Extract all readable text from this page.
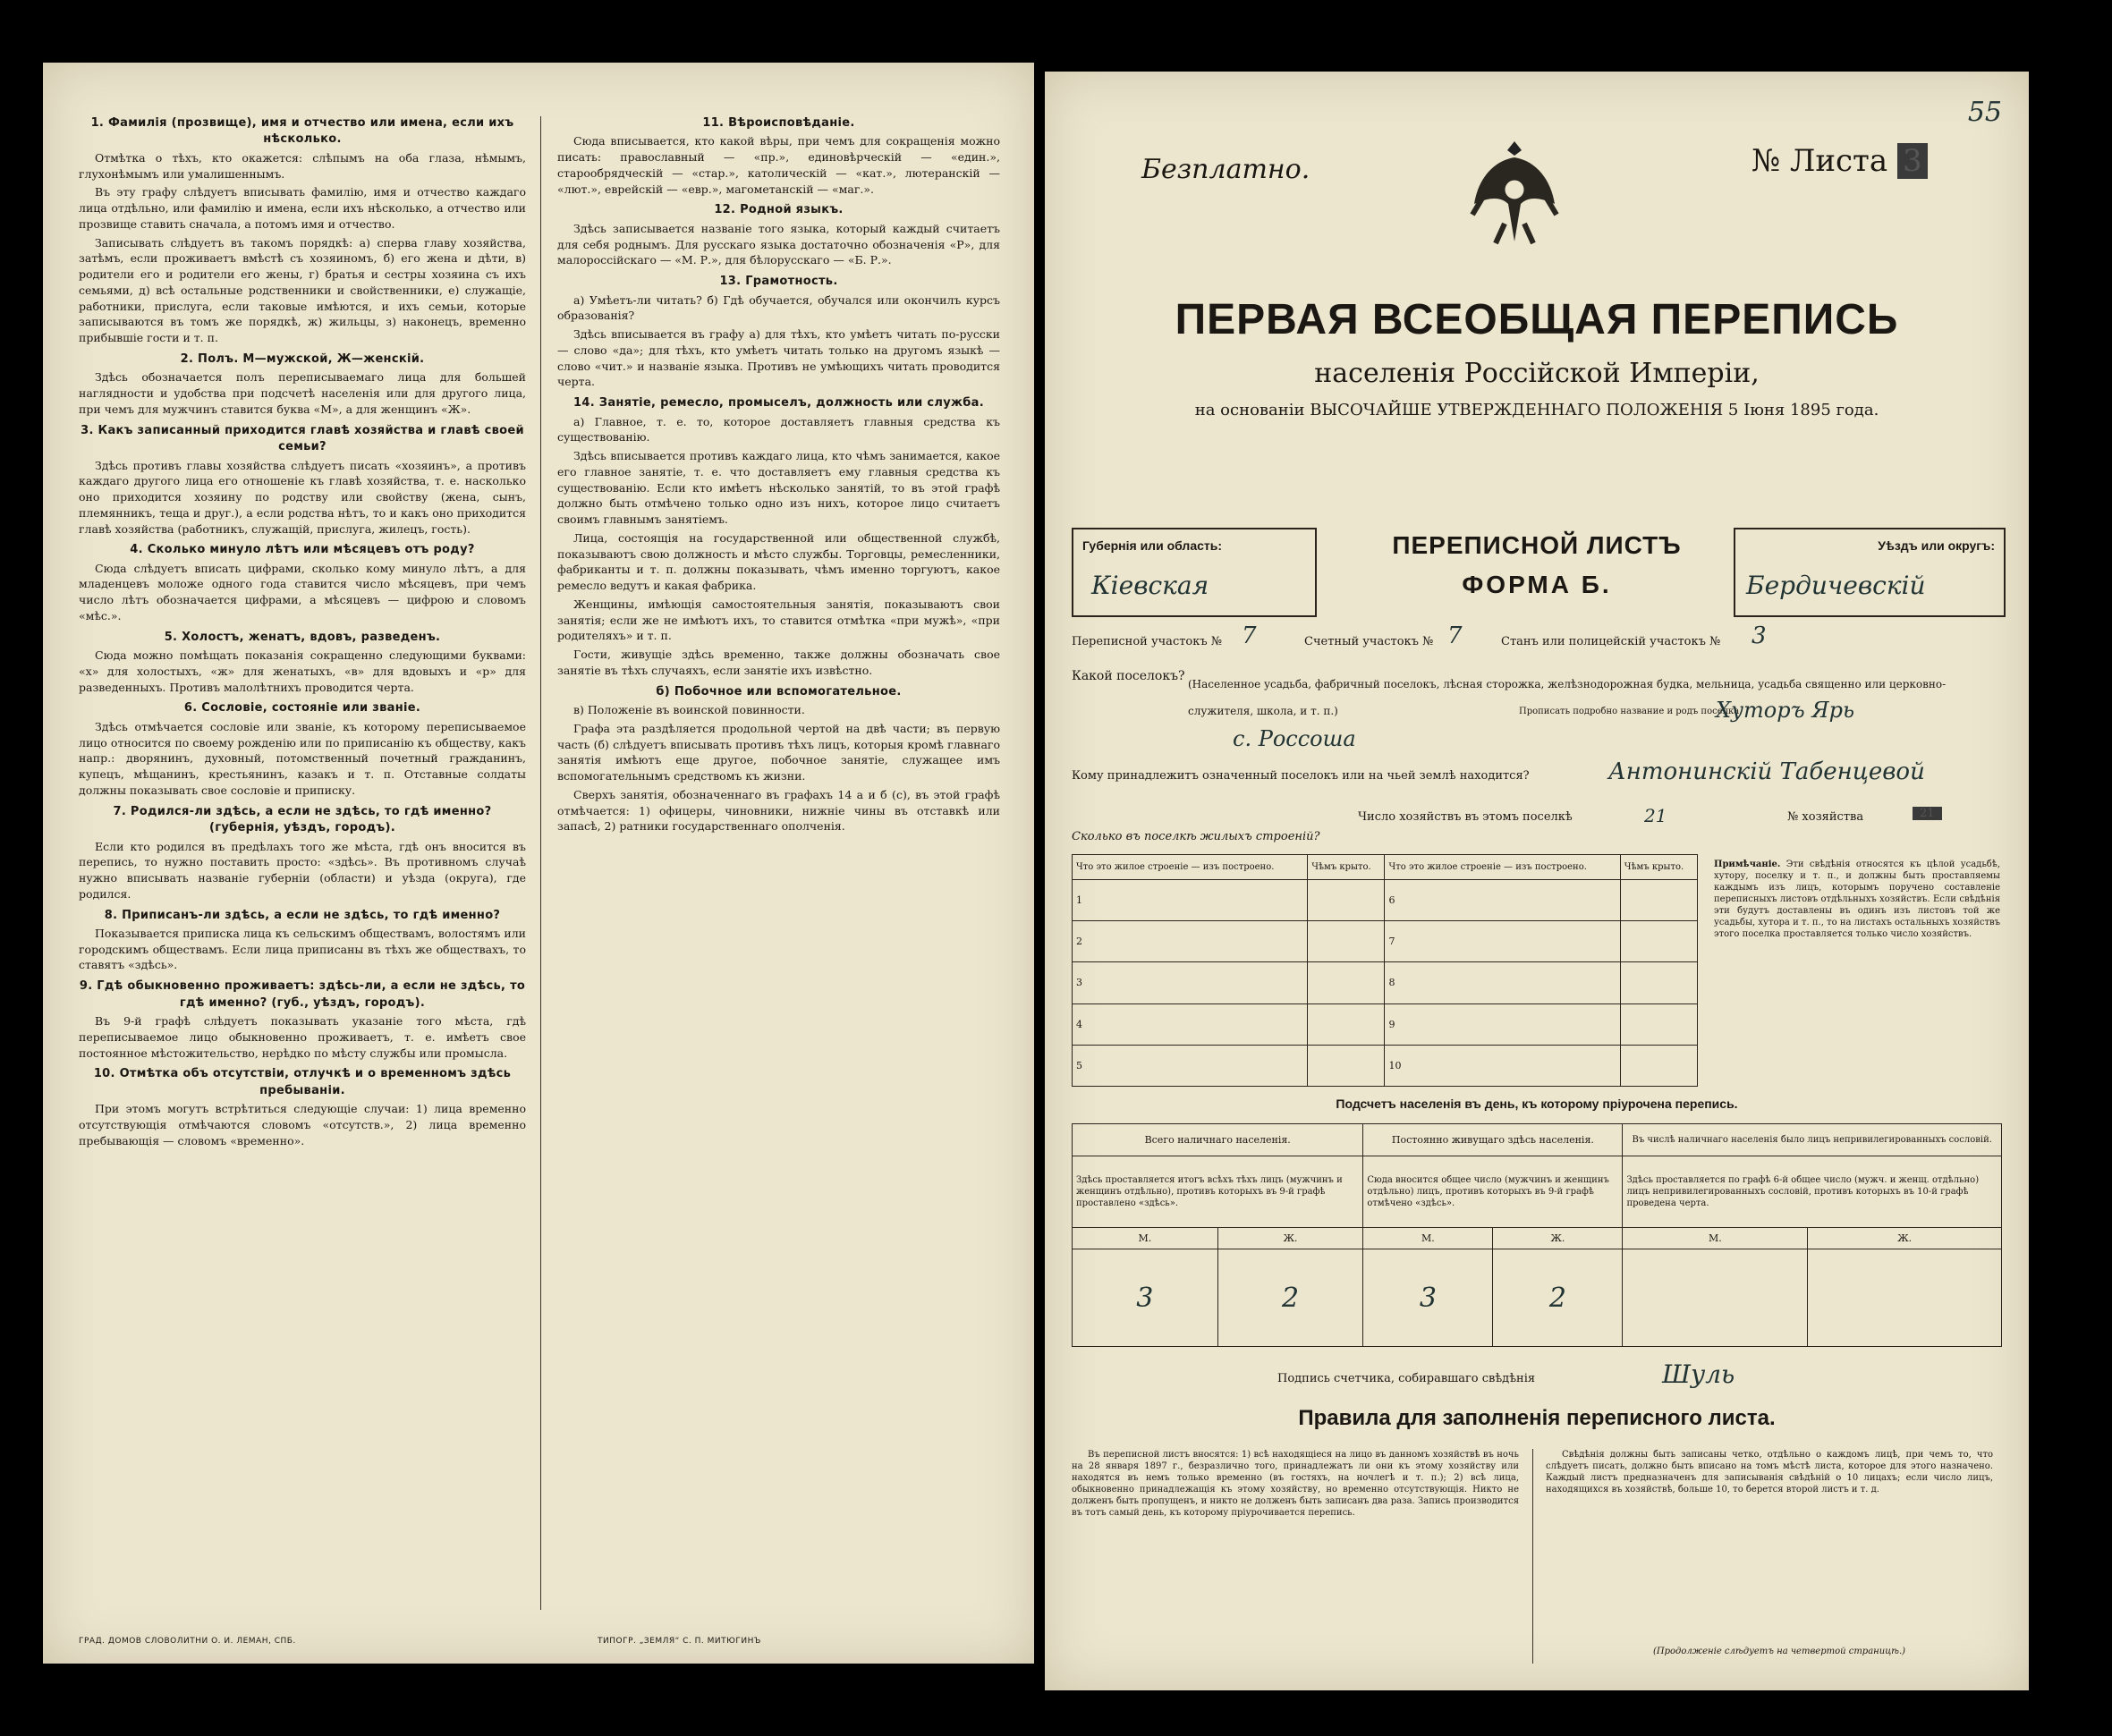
1. Фамилія (прозвище), имя и отчество или имена, если ихъ нѣсколько.

Отмѣтка о тѣхъ, кто окажется: слѣпымъ на оба глаза, нѣмымъ, глухонѣмымъ или умалишеннымъ.

Въ эту графу слѣдуетъ вписывать фамилію, имя и отчество каждаго лица отдѣльно, или фамилію и имена, если ихъ нѣсколько, а отчество или прозвище ставить сначала, а потомъ имя и отчество.

Записывать слѣдуетъ въ такомъ порядкѣ: а) сперва главу хозяйства, затѣмъ, если проживаетъ вмѣстѣ съ хозяиномъ, б) его жена и дѣти, в) родители его и родители его жены, г) братья и сестры хозяина съ ихъ семьями, д) всѣ остальные родственники и свойственники, е) служащіе, работники, прислуга, если таковые имѣются, и ихъ семьи, которые записываются въ томъ же порядкѣ, ж) жильцы, з) наконецъ, временно прибывшіе гости и т. п.

2. Полъ. М—мужской, Ж—женскій.

Здѣсь обозначается полъ переписываемаго лица для большей наглядности и удобства при подсчетѣ населенія или для другого лица, при чемъ для мужчинъ ставится буква «М», а для женщинъ «Ж».

3. Какъ записанный приходится главѣ хозяйства и главѣ своей семьи?

Здѣсь противъ главы хозяйства слѣдуетъ писать «хозяинъ», а противъ каждаго другого лица его отношеніе къ главѣ хозяйства, т. е. насколько оно приходится хозяину по родству или свойству (жена, сынъ, племянникъ, теща и друг.), а если родства нѣтъ, то и какъ оно приходится главѣ хозяйства (работникъ, служащій, прислуга, жилецъ, гость).

4. Сколько минуло лѣтъ или мѣсяцевъ отъ роду?

Сюда слѣдуетъ вписать цифрами, сколько кому минуло лѣтъ, а для младенцевъ моложе одного года ставится число мѣсяцевъ, при чемъ число лѣтъ обозначается цифрами, а мѣсяцевъ — цифрою и словомъ «мѣс.».

5. Холостъ, женатъ, вдовъ, разведенъ.

Сюда можно помѣщать показанія сокращенно следующими буквами: «х» для холостыхъ, «ж» для женатыхъ, «в» для вдовыхъ и «р» для разведенныхъ. Противъ малолѣтнихъ проводится черта.

6. Сословіе, состояніе или званіе.

Здѣсь отмѣчается сословіе или званіе, къ которому переписываемое лицо относится по своему рожденію или по приписанію къ обществу, какъ напр.: дворянинъ, духовный, потомственный почетный гражданинъ, купецъ, мѣщанинъ, крестьянинъ, казакъ и т. п. Отставные солдаты должны показывать свое сословіе и приписку.

7. Родился-ли здѣсь, а если не здѣсь, то гдѣ именно? (губернія, уѣздъ, городъ).

Если кто родился въ предѣлахъ того же мѣста, гдѣ онъ вносится въ перепись, то нужно поставить просто: «здѣсь». Въ противномъ случаѣ нужно вписывать названіе губерніи (области) и уѣзда (округа), где родился.

8. Приписанъ-ли здѣсь, а если не здѣсь, то гдѣ именно?

Показывается приписка лица къ сельскимъ обществамъ, волостямъ или городскимъ обществамъ. Если лица приписаны въ тѣхъ же обществахъ, то ставятъ «здѣсь».

9. Гдѣ обыкновенно проживаетъ: здѣсь-ли, а если не здѣсь, то гдѣ именно? (губ., уѣздъ, городъ).

Въ 9-й графѣ слѣдуетъ показывать указаніе того мѣста, гдѣ переписываемое лицо обыкновенно проживаетъ, т. е. имѣетъ свое постоянное мѣстожительство, нерѣдко по мѣсту службы или промысла.

10. Отмѣтка объ отсутствіи, отлучкѣ и о временномъ здѣсь пребываніи.

При этомъ могутъ встрѣтиться следующіе случаи: 1) лица временно отсутствующія отмѣчаются словомъ «отсутств.», 2) лица временно пребывающія — словомъ «временно».

11. Вѣроисповѣданіе.

Сюда вписывается, кто какой вѣры, при чемъ для сокращенія можно писать: православный — «пр.», единовѣрческій — «един.», старообрядческій — «стар.», католическій — «кат.», лютеранскій — «лют.», еврейскій — «евр.», магометанскій — «маг.».

12. Родной языкъ.

Здѣсь записывается названіе того языка, который каждый считаетъ для себя роднымъ. Для русскаго языка достаточно обозначенія «Р», для малороссійскаго — «М. Р.», для бѣлорусскаго — «Б. Р.».

13. Грамотность.

а) Умѣетъ-ли читать? б) Гдѣ обучается, обучался или окончилъ курсъ образованія?

Здѣсь вписывается въ графу а) для тѣхъ, кто умѣетъ читать по-русски — слово «да»; для тѣхъ, кто умѣетъ читать только на другомъ языкѣ — слово «чит.» и названіе языка. Противъ не умѣющихъ читать проводится черта.

14. Занятіе, ремесло, промыселъ, должность или служба.

а) Главное, т. е. то, которое доставляетъ главныя средства къ существованію.

Здѣсь вписывается противъ каждаго лица, кто чѣмъ занимается, какое его главное занятіе, т. е. что доставляетъ ему главныя средства къ существованію. Если кто имѣетъ нѣсколько занятій, то въ этой графѣ должно быть отмѣчено только одно изъ нихъ, которое лицо считаетъ своимъ главнымъ занятіемъ.

Лица, состоящія на государственной или общественной службѣ, показываютъ свою должность и мѣсто службы. Торговцы, ремесленники, фабриканты и т. п. должны показывать, чѣмъ именно торгуютъ, какое ремесло ведутъ и какая фабрика.

Женщины, имѣющія самостоятельныя занятія, показываютъ свои занятія; если же не имѣютъ ихъ, то ставится отмѣтка «при мужѣ», «при родителяхъ» и т. п.

Гости, живущіе здѣсь временно, также должны обозначать свое занятіе въ тѣхъ случаяхъ, если занятіе ихъ извѣстно.

б) Побочное или вспомогательное.

в) Положеніе въ воинской повинности.

Графа эта раздѣляется продольной чертой на двѣ части; въ первую часть (б) слѣдуетъ вписывать противъ тѣхъ лицъ, которыя кромѣ главнаго занятія имѣютъ еще другое, побочное занятіе, служащее имъ вспомогательнымъ средствомъ къ жизни.

Сверхъ занятія, обозначеннаго въ графахъ 14 а и б (с), въ этой графѣ отмѣчается: 1) офицеры, чиновники, нижніе чины въ отставкѣ или запасѣ, 2) ратники государственнаго ополченія.

ГРАД. ДОМОВ СЛОВОЛИТНИ О. И. ЛЕМАН, СПБ.	ТИПОГР. „ЗЕМЛЯ“ С. П. МИТЮГИНЪ
55
Безплатно.	№ Листа 3
ПЕРВАЯ ВСЕОБЩАЯ ПЕРЕПИСЬ
населенія Россійской Имперіи,
на основаніи ВЫСОЧАЙШЕ УТВЕРЖДЕННАГО ПОЛОЖЕНІЯ 5 Іюня 1895 года.
Губернія или область:
Кіевская
ПЕРЕПИСНОЙ ЛИСТЪ
ФОРМА Б.
Уѣздъ или округъ:
Бердичевскій
Переписной участокъ № 7	Счетный участокъ № 7	Станъ или полицейскій участокъ № 3
Какой поселокъ?
(Населенное усадьба, фабричный поселокъ, лѣсная сторожка, желѣзнодорожная будка, мельница, усадьба священно или церковно-служителя, школа, и т. п.)	Прописать подробно название и родъ поселка.
Хуторъ Ярь
с. Россоша
Кому принадлежитъ означенный поселокъ или на чьей землѣ находится?	Антонинскій Табенцевой
Число хозяйствъ въ этомъ поселкѣ	21	№ хозяйства	21
Сколько въ поселкѣ жилыхъ строеній?
Что это жилое строеніе — изъ построено.	Чѣмъ крыто.	Что это жилое строеніе — изъ построено.	Чѣмъ крыто.
1		6	
2		7	
3		8	
4		9	
5		10	
Примѣчаніе. Эти свѣдѣнія относятся къ цѣлой усадьбѣ, хутору, поселку и т. п., и должны быть проставляемы каждымъ изъ лицъ, которымъ поручено составленіе переписныхъ листовъ отдѣльныхъ хозяйствъ. Если свѣдѣнія эти будутъ доставлены въ одинъ изъ листовъ той же усадьбы, хутора и т. п., то на листахъ остальныхъ хозяйствъ этого поселка проставляется только число хозяйствъ.
Подсчетъ населенія въ день, къ которому пріурочена перепись.
Всего наличнаго населенія.		Постоянно живущаго здѣсь населенія.		Въ числѣ наличнаго населенія было лицъ непривилегированныхъ сословій.	
Здѣсь проставляется итогъ всѣхъ тѣхъ лицъ (мужчинъ и женщинъ отдѣльно), противъ которыхъ въ 9-й графѣ проставлено «здѣсь».		Сюда вносится общее число (мужчинъ и женщинъ отдѣльно) лицъ, противъ которыхъ въ 9-й графѣ отмѣчено «здѣсь».		Здѣсь проставляется по графѣ 6-й общее число (мужч. и женщ. отдѣльно) лицъ непривилегированныхъ сословій, противъ которыхъ въ 10-й графѣ проведена черта.	
М.	Ж.	М.	Ж.	М.	Ж.
3	2	3	2		
Подпись счетчика, собиравшаго свѣдѣнія	Шуль
Правила для заполненія переписного листа.
Въ переписной листъ вносятся: 1) всѣ находящіеся на лицо въ данномъ хозяйствѣ въ ночь на 28 января 1897 г., безразлично того, принадлежатъ ли они къ этому хозяйству или находятся въ немъ только временно (въ гостяхъ, на ночлегѣ и т. п.); 2) всѣ лица, обыкновенно принадлежащія къ этому хозяйству, но временно отсутствующія. Никто не долженъ быть пропущенъ, и никто не долженъ быть записанъ два раза. Запись производится въ тотъ самый день, къ которому пріурочивается перепись.
Свѣдѣнія должны быть записаны четко, отдѣльно о каждомъ лицѣ, при чемъ то, что слѣдуетъ писать, должно быть вписано на томъ мѣстѣ листа, которое для этого назначено. Каждый листъ предназначенъ для записыванія свѣдѣній о 10 лицахъ; если число лицъ, находящихся въ хозяйствѣ, больше 10, то берется второй листъ и т. д.
(Продолженіе слѣдуетъ на четвертой страницѣ.)
